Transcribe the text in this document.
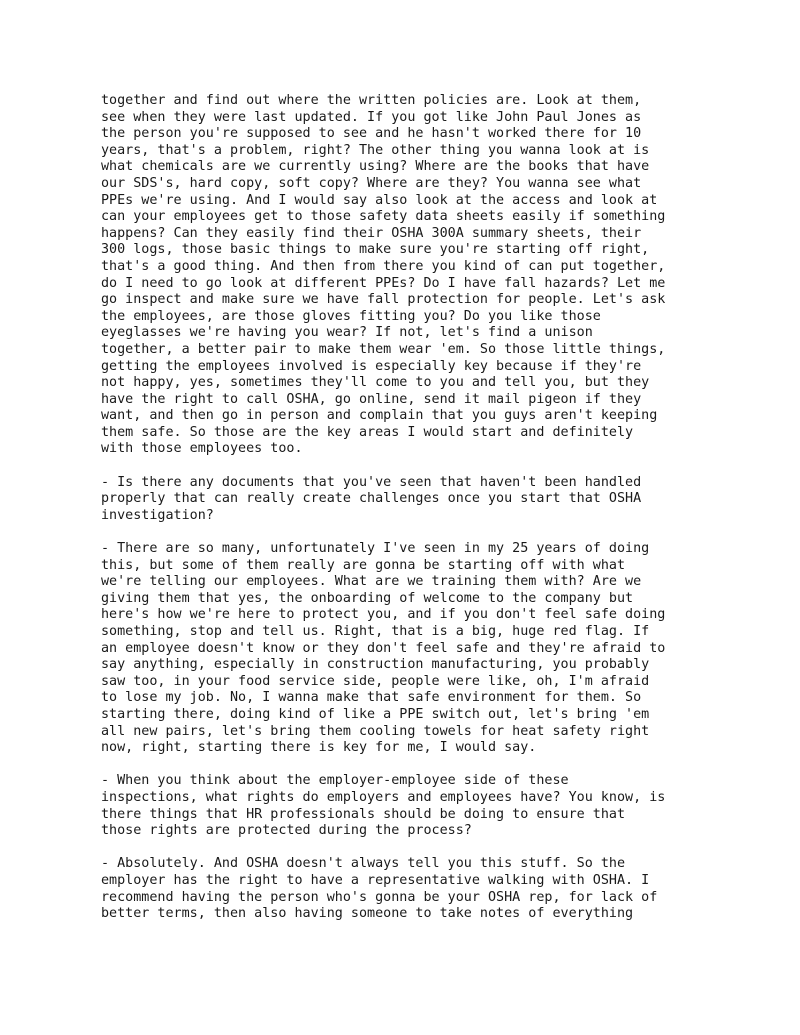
together and find out where the written policies are. Look at them,
see when they were last updated. If you got like John Paul Jones as
the person you're supposed to see and he hasn't worked there for 10
years, that's a problem, right? The other thing you wanna look at is
what chemicals are we currently using? Where are the books that have
our SDS's, hard copy, soft copy? Where are they? You wanna see what
PPEs we're using. And I would say also look at the access and look at
can your employees get to those safety data sheets easily if something
happens? Can they easily find their OSHA 300A summary sheets, their
300 logs, those basic things to make sure you're starting off right,
that's a good thing. And then from there you kind of can put together,
do I need to go look at different PPEs? Do I have fall hazards? Let me
go inspect and make sure we have fall protection for people. Let's ask
the employees, are those gloves fitting you? Do you like those
eyeglasses we're having you wear? If not, let's find a unison
together, a better pair to make them wear 'em. So those little things,
getting the employees involved is especially key because if they're
not happy, yes, sometimes they'll come to you and tell you, but they
have the right to call OSHA, go online, send it mail pigeon if they
want, and then go in person and complain that you guys aren't keeping
them safe. So those are the key areas I would start and definitely
with those employees too.
- Is there any documents that you've seen that haven't been handled
properly that can really create challenges once you start that OSHA
investigation?
- There are so many, unfortunately I've seen in my 25 years of doing
this, but some of them really are gonna be starting off with what
we're telling our employees. What are we training them with? Are we
giving them that yes, the onboarding of welcome to the company but
here's how we're here to protect you, and if you don't feel safe doing
something, stop and tell us. Right, that is a big, huge red flag. If
an employee doesn't know or they don't feel safe and they're afraid to
say anything, especially in construction manufacturing, you probably
saw too, in your food service side, people were like, oh, I'm afraid
to lose my job. No, I wanna make that safe environment for them. So
starting there, doing kind of like a PPE switch out, let's bring 'em
all new pairs, let's bring them cooling towels for heat safety right
now, right, starting there is key for me, I would say.
- When you think about the employer-employee side of these
inspections, what rights do employers and employees have? You know, is
there things that HR professionals should be doing to ensure that
those rights are protected during the process?
- Absolutely. And OSHA doesn't always tell you this stuff. So the
employer has the right to have a representative walking with OSHA. I
recommend having the person who's gonna be your OSHA rep, for lack of
better terms, then also having someone to take notes of everything
